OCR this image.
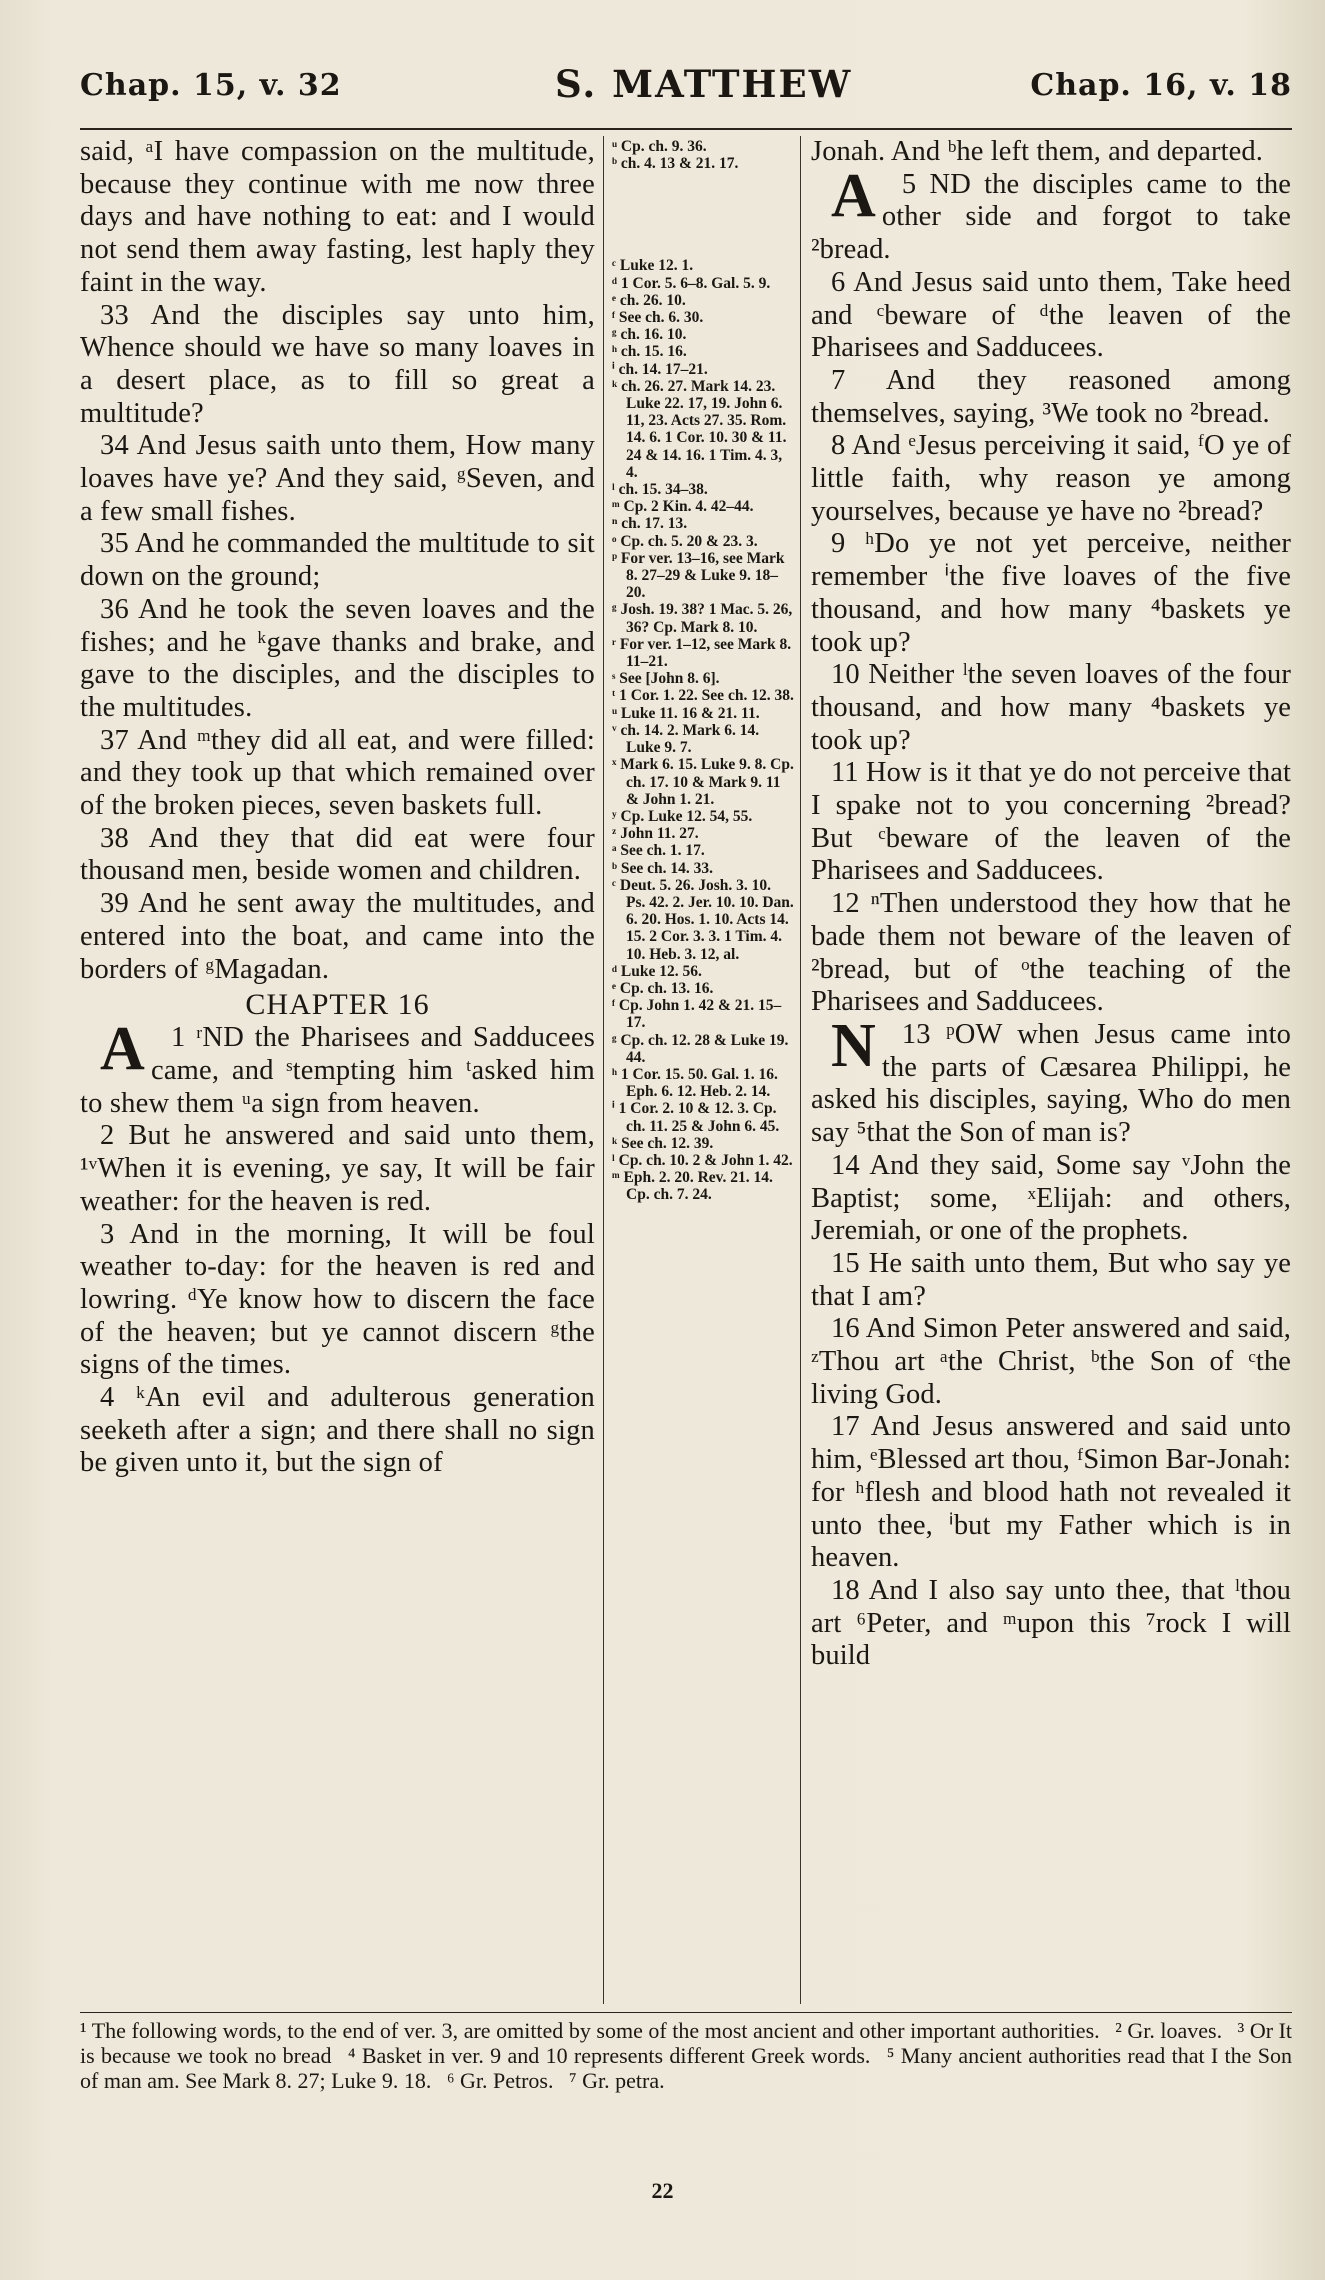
Chap. 15, v. 32	S. MATTHEW	Chap. 16, v. 18

said, ᵃI have compassion on the multitude, because they continue with me now three days and have nothing to eat: and I would not send them away fasting, lest haply they faint in the way.

33 And the disciples say unto him, Whence should we have so many loaves in a desert place, as to fill so great a multitude?

34 And Jesus saith unto them, How many loaves have ye? And they said, ᵍSeven, and a few small fishes.

35 And he commanded the multitude to sit down on the ground;

36 And he took the seven loaves and the fishes; and he ᵏgave thanks and brake, and gave to the disciples, and the disciples to the multitudes.

37 And ᵐthey did all eat, and were filled: and they took up that which remained over of the broken pieces, seven baskets full.

38 And they that did eat were four thousand men, beside women and children.

39 And he sent away the multitudes, and entered into the boat, and came into the borders of ᵍMagadan.

CHAPTER 16

1 ʳ
A ND the Pharisees and Sadducees came, and ˢtempting him ᵗasked him to shew them ᵘa sign from heaven.

2 But he answered and said unto them, ¹ᵛWhen it is evening, ye say, It will be fair weather: for the heaven is red.

3 And in the morning, It will be foul weather to-day: for the heaven is red and lowring. ᵈYe know how to discern the face of the heaven; but ye cannot discern ᵍthe signs of the times.

4 ᵏAn evil and adulterous generation seeketh after a sign; and there shall no sign be given unto it, but the sign of

ᵘ Cp. ch. 9. 36.
ᵇ ch. 4. 13 & 21. 17.
ᶜ Luke 12. 1.
ᵈ 1 Cor. 5. 6–8. Gal. 5. 9.
ᵉ ch. 26. 10.
ᶠ See ch. 6. 30.
ᵍ ch. 16. 10.
ʰ ch. 15. 16.
ⁱ ch. 14. 17–21.
ᵏ ch. 26. 27. Mark 14. 23. Luke 22. 17, 19. John 6. 11, 23. Acts 27. 35. Rom. 14. 6. 1 Cor. 10. 30 & 11. 24 & 14. 16. 1 Tim. 4. 3, 4.
ˡ ch. 15. 34–38.
ᵐ Cp. 2 Kin. 4. 42–44.
ⁿ ch. 17. 13.
ᵒ Cp. ch. 5. 20 & 23. 3.
ᵖ For ver. 13–16, see Mark 8. 27–29 & Luke 9. 18–20.
ᵍ Josh. 19. 38? 1 Mac. 5. 26, 36? Cp. Mark 8. 10.
ʳ For ver. 1–12, see Mark 8. 11–21.
ˢ See [John 8. 6].
ᵗ 1 Cor. 1. 22. See ch. 12. 38.
ᵘ Luke 11. 16 & 21. 11.
ᵛ ch. 14. 2. Mark 6. 14. Luke 9. 7.
ˣ Mark 6. 15. Luke 9. 8. Cp. ch. 17. 10 & Mark 9. 11 & John 1. 21.
ʸ Cp. Luke 12. 54, 55.
ᶻ John 11. 27.
ᵃ See ch. 1. 17.
ᵇ See ch. 14. 33.
ᶜ Deut. 5. 26. Josh. 3. 10. Ps. 42. 2. Jer. 10. 10. Dan. 6. 20. Hos. 1. 10. Acts 14. 15. 2 Cor. 3. 3. 1 Tim. 4. 10. Heb. 3. 12, al.
ᵈ Luke 12. 56.
ᵉ Cp. ch. 13. 16.
ᶠ Cp. John 1. 42 & 21. 15–17.
ᵍ Cp. ch. 12. 28 & Luke 19. 44.
ʰ 1 Cor. 15. 50. Gal. 1. 16. Eph. 6. 12. Heb. 2. 14.
ⁱ 1 Cor. 2. 10 & 12. 3. Cp. ch. 11. 25 & John 6. 45.
ᵏ See ch. 12. 39.
ˡ Cp. ch. 10. 2 & John 1. 42.
ᵐ Eph. 2. 20. Rev. 21. 14. Cp. ch. 7. 24.

Jonah. And ᵇhe left them, and departed.

5
A ND the disciples came to the other side and forgot to take ²bread.

6 And Jesus said unto them, Take heed and ᶜbeware of ᵈthe leaven of the Pharisees and Sadducees.

7 And they reasoned among themselves, saying, ³We took no ²bread.

8 And ᵉJesus perceiving it said, ᶠO ye of little faith, why reason ye among yourselves, because ye have no ²bread?

9 ʰDo ye not yet perceive, neither remember ⁱthe five loaves of the five thousand, and how many ⁴baskets ye took up?

10 Neither ˡthe seven loaves of the four thousand, and how many ⁴baskets ye took up?

11 How is it that ye do not perceive that I spake not to you concerning ²bread? But ᶜbeware of the leaven of the Pharisees and Sadducees.

12 ⁿThen understood they how that he bade them not beware of the leaven of ²bread, but of ᵒthe teaching of the Pharisees and Sadducees.

13 ᵖ
N	OW when Jesus came into the parts of Cæsarea Philippi, he asked his disciples, saying, Who do men say ⁵that the Son of man is?

14 And they said, Some say ᵛJohn the Baptist; some, ˣElijah: and others, Jeremiah, or one of the prophets.

15 He saith unto them, But who say ye that I am?

16 And Simon Peter answered and said, ᶻThou art ᵃthe Christ, ᵇthe Son of ᶜthe living God.

17 And Jesus answered and said unto him, ᵉBlessed art thou, ᶠSimon Bar-Jonah: for ʰflesh and blood hath not revealed it unto thee, ⁱbut my Father which is in heaven.

18 And I also say unto thee, that ˡthou art ⁶Peter, and ᵐupon this ⁷rock I will build

¹ The following words, to the end of ver. 3, are omitted by some of the most ancient and other important authorities. ² Gr. loaves. ³ Or It is because we took no bread ⁴ Basket in ver. 9 and 10 represents different Greek words. ⁵ Many ancient authorities read that I the Son of man am. See Mark 8. 27; Luke 9. 18. ⁶ Gr. Petros. ⁷ Gr. petra.
22
